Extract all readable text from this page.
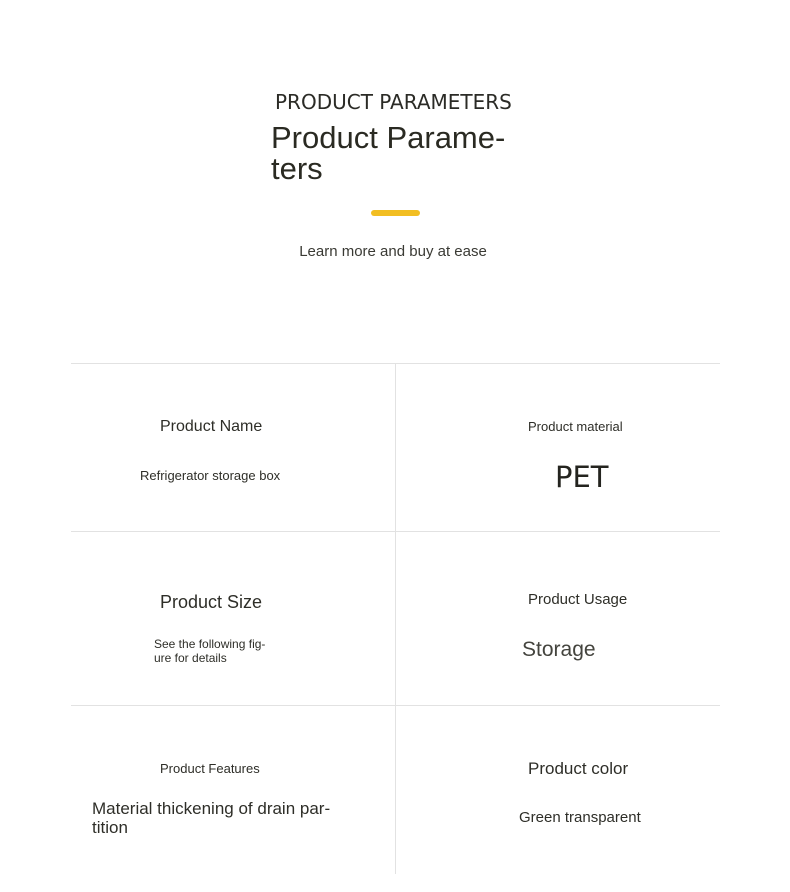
PRODUCT PARAMETERS
Product Parame- ters
Learn more and buy at ease
Product Name
Refrigerator storage box
Product material
PET
Product Size
See the following fig- ure for details
Product Usage
Storage
Product Features
Material thickening of drain par- tition
Product color
Green transparent
